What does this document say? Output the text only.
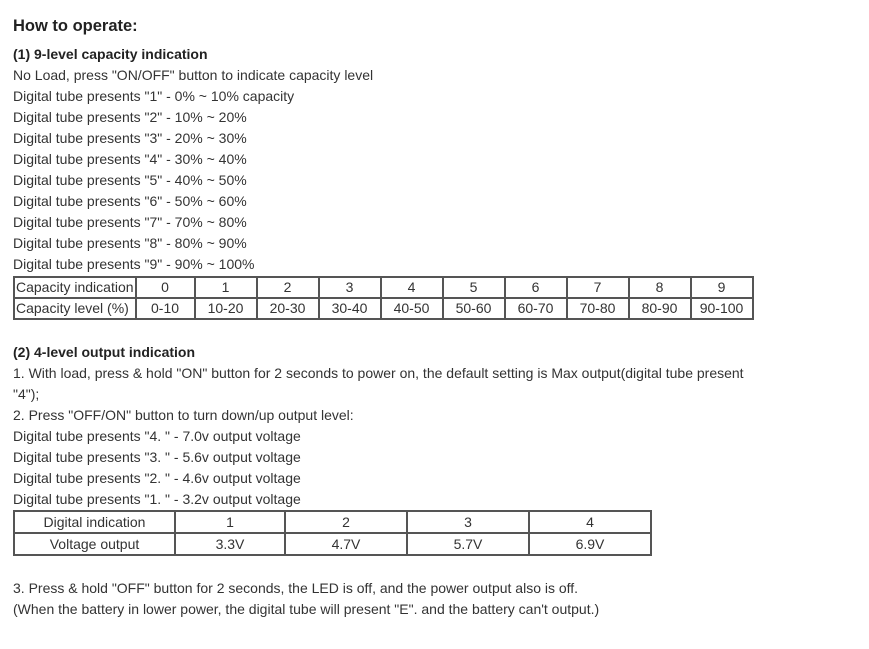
How to operate:
(1) 9-level capacity indication
No Load, press "ON/OFF" button to indicate capacity level
Digital tube presents "1" - 0% ~ 10% capacity
Digital tube presents "2" - 10% ~ 20%
Digital tube presents "3" - 20% ~ 30%
Digital tube presents "4" - 30% ~ 40%
Digital tube presents "5" - 40% ~ 50%
Digital tube presents "6" - 50% ~ 60%
Digital tube presents "7" - 70% ~ 80%
Digital tube presents "8" - 80% ~ 90%
Digital tube presents "9" - 90% ~ 100%
Capacity indication	0	1	2	3	4	5	6	7	8	9
Capacity level (%)	0-10	10-20	20-30	30-40	40-50	50-60	60-70	70-80	80-90	90-100
(2) 4-level output indication
1. With load, press & hold "ON" button for 2 seconds to power on, the default setting is Max output(digital tube present "4");
2. Press "OFF/ON" button to turn down/up output level:
Digital tube presents "4. " - 7.0v output voltage
Digital tube presents "3. " - 5.6v output voltage
Digital tube presents "2. " - 4.6v output voltage
Digital tube presents "1. " - 3.2v output voltage
Digital indication	1	2	3	4
Voltage output	3.3V	4.7V	5.7V	6.9V
3. Press & hold "OFF" button for 2 seconds, the LED is off, and the power output also is off.
(When the battery in lower power, the digital tube will present "E". and the battery can't output.)
